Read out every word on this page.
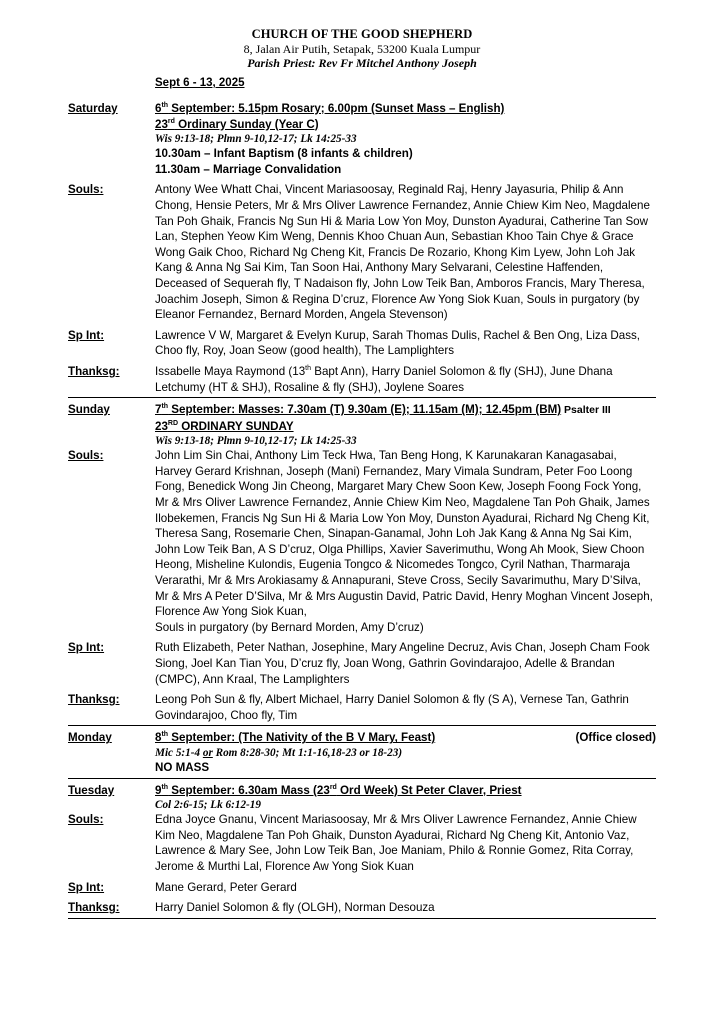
CHURCH OF THE GOOD SHEPHERD
8, Jalan Air Putih, Setapak, 53200 Kuala Lumpur
Parish Priest: Rev Fr Mitchel Anthony Joseph
Sept 6 - 13, 2025
Saturday	6th September: 5.15pm Rosary; 6.00pm (Sunset Mass – English)
23rd Ordinary Sunday (Year C)
Wis 9:13-18; Plmn 9-10,12-17; Lk 14:25-33
10.30am – Infant Baptism (8 infants & children)
11.30am – Marriage Convalidation
Souls:	Antony Wee Whatt Chai, Vincent Mariasoosay, Reginald Raj, Henry Jayasuria, Philip & Ann Chong, Hensie Peters, Mr & Mrs Oliver Lawrence Fernandez, Annie Chiew Kim Neo, Magdalene Tan Poh Ghaik, Francis Ng Sun Hi & Maria Low Yon Moy, Dunston Ayadurai, Catherine Tan Sow Lan, Stephen Yeow Kim Weng, Dennis Khoo Chuan Aun, Sebastian Khoo Tain Chye & Grace Wong Gaik Choo, Richard Ng Cheng Kit, Francis De Rozario, Khong Kim Lyew, John Loh Jak Kang & Anna Ng Sai Kim, Tan Soon Hai, Anthony Mary Selvarani, Celestine Haffenden, Deceased of Sequerah fly, T Nadaison fly, John Low Teik Ban, Amboros Francis, Mary Theresa, Joachim Joseph, Simon & Regina D’cruz, Florence Aw Yong Siok Kuan, Souls in purgatory (by Eleanor Fernandez, Bernard Morden, Angela Stevenson)
Sp Int:	Lawrence V W, Margaret & Evelyn Kurup, Sarah Thomas Dulis, Rachel & Ben Ong, Liza Dass, Choo fly, Roy, Joan Seow (good health), The Lamplighters
Thanksg:	Issabelle Maya Raymond (13th Bapt Ann), Harry Daniel Solomon & fly (SHJ), June Dhana Letchumy (HT & SHJ), Rosaline & fly (SHJ), Joylene Soares
Sunday	7th September: Masses: 7.30am (T) 9.30am (E); 11.15am (M); 12.45pm (BM) Psalter III
23RD ORDINARY SUNDAY
Wis 9:13-18; Plmn 9-10,12-17; Lk 14:25-33
Souls:	John Lim Sin Chai, Anthony Lim Teck Hwa, Tan Beng Hong, K Karunakaran Kanagasabai, Harvey Gerard Krishnan, Joseph (Mani) Fernandez, Mary Vimala Sundram, Peter Foo Loong Fong, Benedick Wong Jin Cheong, Margaret Mary Chew Soon Kew, Joseph Foong Fock Yong, Mr & Mrs Oliver Lawrence Fernandez, Annie Chiew Kim Neo, Magdalene Tan Poh Ghaik, James Ilobekemen, Francis Ng Sun Hi & Maria Low Yon Moy, Dunston Ayadurai, Richard Ng Cheng Kit, Theresa Sang, Rosemarie Chen, Sinapan-Ganamal, John Loh Jak Kang & Anna Ng Sai Kim, John Low Teik Ban, A S D’cruz, Olga Phillips, Xavier Saverimuthu, Wong Ah Mook, Siew Choon Heong, Misheline Kulondis, Eugenia Tongco & Nicomedes Tongco, Cyril Nathan, Tharmaraja Verarathi, Mr & Mrs Arokiasamy & Annapurani, Steve Cross, Secily Savarimuthu, Mary D’Silva, Mr & Mrs A Peter D’Silva, Mr & Mrs Augustin David, Patric David, Henry Moghan Vincent Joseph, Florence Aw Yong Siok Kuan,
Souls in purgatory (by Bernard Morden, Amy D’cruz)
Sp Int:	Ruth Elizabeth, Peter Nathan, Josephine, Mary Angeline Decruz, Avis Chan, Joseph Cham Fook Siong, Joel Kan Tian You, D’cruz fly, Joan Wong, Gathrin Govindarajoo, Adelle & Brandan (CMPC), Ann Kraal, The Lamplighters
Thanksg:	Leong Poh Sun & fly, Albert Michael, Harry Daniel Solomon & fly (S A), Vernese Tan, Gathrin Govindarajoo, Choo fly, Tim
Monday	8th September: (The Nativity of the B V Mary, Feast)	(Office closed)
Mic 5:1-4 or Rom 8:28-30; Mt 1:1-16,18-23 or 18-23)
NO MASS
Tuesday	9th September: 6.30am Mass (23rd Ord Week) St Peter Claver, Priest
Col 2:6-15; Lk 6:12-19
Souls:	Edna Joyce Gnanu, Vincent Mariasoosay, Mr & Mrs Oliver Lawrence Fernandez, Annie Chiew Kim Neo, Magdalene Tan Poh Ghaik, Dunston Ayadurai, Richard Ng Cheng Kit, Antonio Vaz, Lawrence & Mary See, John Low Teik Ban, Joe Maniam, Philo & Ronnie Gomez, Rita Corray, Jerome & Murthi Lal, Florence Aw Yong Siok Kuan
Sp Int:	Mane Gerard, Peter Gerard
Thanksg:	Harry Daniel Solomon & fly (OLGH), Norman Desouza
